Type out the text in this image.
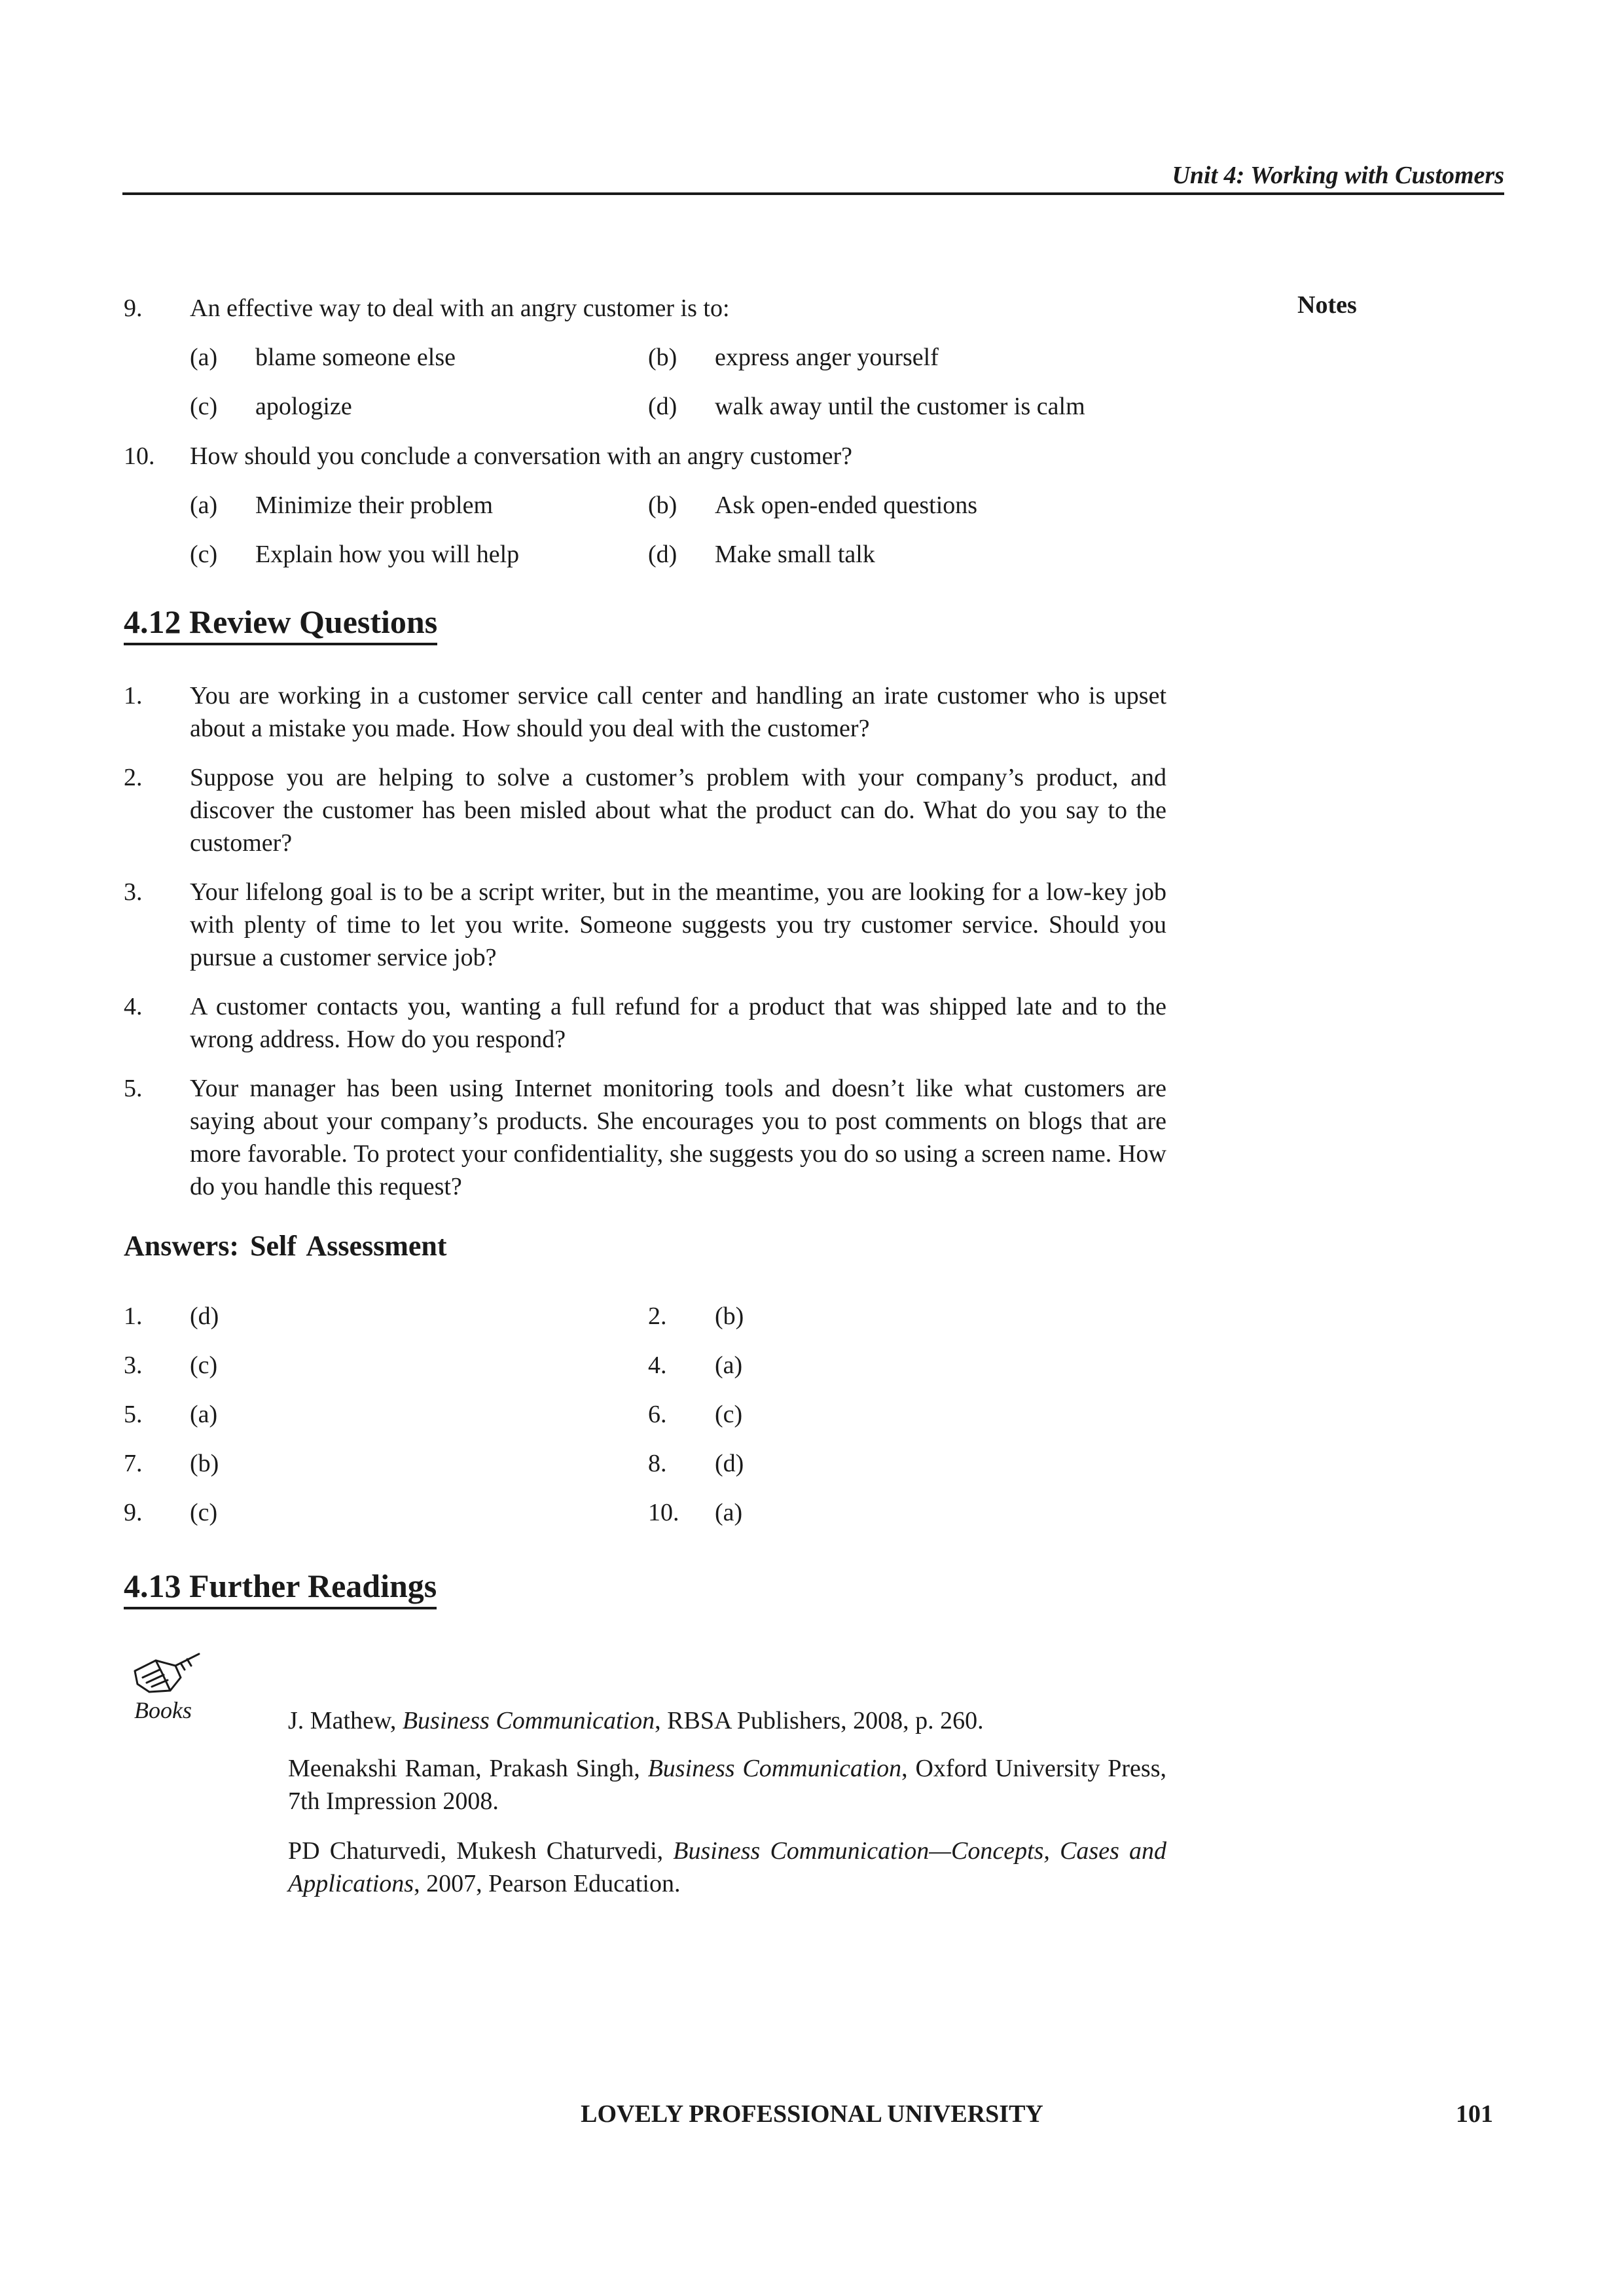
Unit 4: Working with Customers
Notes
9. An effective way to deal with an angry customer is to:
(a) blame someone else	(b) express anger yourself
(c) apologize	(d) walk away until the customer is calm
10. How should you conclude a conversation with an angry customer?
(a) Minimize their problem	(b) Ask open-ended questions
(c) Explain how you will help	(d) Make small talk
4.12 Review Questions
1. You are working in a customer service call center and handling an irate customer who is upset about a mistake you made. How should you deal with the customer?
2. Suppose you are helping to solve a customer’s problem with your company’s product, and discover the customer has been misled about what the product can do. What do you say to the customer?
3. Your lifelong goal is to be a script writer, but in the meantime, you are looking for a low-key job with plenty of time to let you write. Someone suggests you try customer service. Should you pursue a customer service job?
4. A customer contacts you, wanting a full refund for a product that was shipped late and to the wrong address. How do you respond?
5. Your manager has been using Internet monitoring tools and doesn’t like what customers are saying about your company’s products. She encourages you to post comments on blogs that are more favorable. To protect your confidentiality, she suggests you do so using a screen name. How do you handle this request?
Answers: Self Assessment
1. (d)	2. (b)
3. (c)	4. (a)
5. (a)	6. (c)
7. (b)	8. (d)
9. (c)	10. (a)
4.13 Further Readings
Books	J. Mathew, Business Communication, RBSA Publishers, 2008, p. 260.
Meenakshi Raman, Prakash Singh, Business Communication, Oxford University Press, 7th Impression 2008.
PD Chaturvedi, Mukesh Chaturvedi, Business Communication—Concepts, Cases and Applications, 2007, Pearson Education.
LOVELY PROFESSIONAL UNIVERSITY	101
